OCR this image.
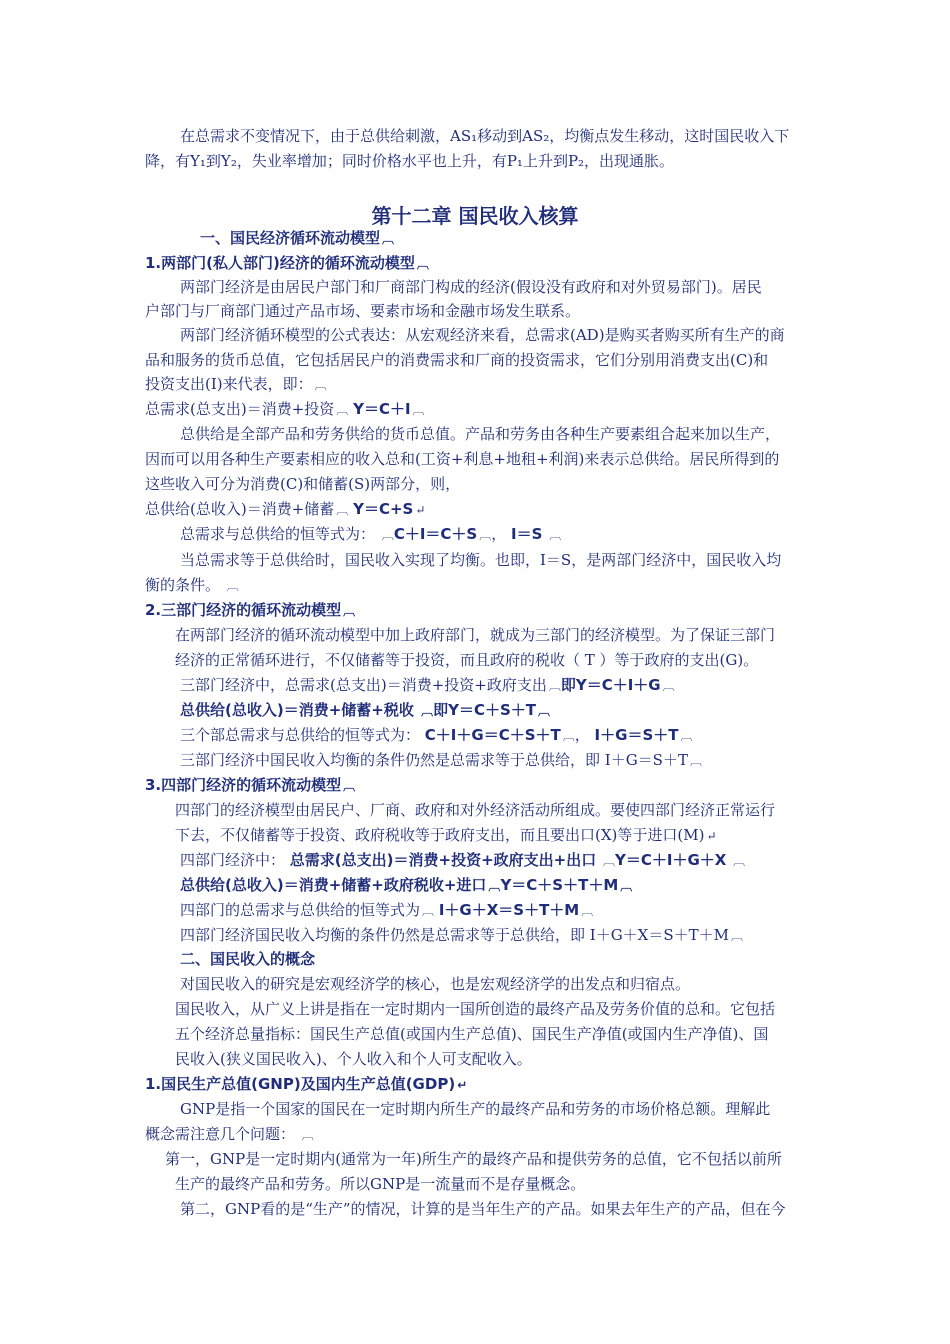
在总需求不变情况下，由于总供给刺激，AS₁移动到AS₂，均衡点发生移动，这时国民收入下
降，有Y₁到Y₂，失业率增加；同时价格水平也上升，有P₁上升到P₂，出现通胀。
第十二章 国民收入核算
一、国民经济循环流动模型 ︹
1.两部门(私人部门)经济的循环流动模型 ︹
两部门经济是由居民户部门和厂商部门构成的经济(假设没有政府和对外贸易部门)。居民
户部门与厂商部门通过产品市场、要素市场和金融市场发生联系。
两部门经济循环模型的公式表达：从宏观经济来看，总需求(AD)是购买者购买所有生产的商
品和服务的货币总值，它包括居民户的消费需求和厂商的投资需求，它们分别用消费支出(C)和
投资支出(I)来代表，即： ︹
总需求(总支出)＝消费+投资 ︹ Y＝C＋I ︹
总供给是全部产品和劳务供给的货币总值。产品和劳务由各种生产要素组合起来加以生产，
因而可以用各种生产要素相应的收入总和(工资+利息+地租+利润)来表示总供给。居民所得到的
这些收入可分为消费(C)和储蓄(S)两部分，则，
总供给(总收入)＝消费+储蓄 ︹ Y＝C+S ↵
总需求与总供给的恒等式为： ︹C＋I＝C＋S ︹， I＝S ︹
当总需求等于总供给时，国民收入实现了均衡。也即，I＝S，是两部门经济中，国民收入均
衡的条件。 ︹
2.三部门经济的循环流动模型 ︹
在两部门经济的循环流动模型中加上政府部门，就成为三部门的经济模型。为了保证三部门
经济的正常循环进行，不仅储蓄等于投资，而且政府的税收（ T ）等于政府的支出(G)。
三部门经济中，总需求(总支出)＝消费+投资+政府支出 ︹即Y＝C＋I＋G ︹
总供给(总收入)＝消费+储蓄+税收 ︹即Y＝C＋S＋T ︹
三个部总需求与总供给的恒等式为： C＋I＋G＝C＋S＋T ︹， I＋G＝S＋T ︹
三部门经济中国民收入均衡的条件仍然是总需求等于总供给，即 I＋G＝S＋T ︹
3.四部门经济的循环流动模型 ︹
四部门的经济模型由居民户、厂商、政府和对外经济活动所组成。要使四部门经济正常运行
下去，不仅储蓄等于投资、政府税收等于政府支出，而且要出口(X)等于进口(M) ↵
四部门经济中： 总需求(总支出)＝消费+投资+政府支出+出口 ︹Y＝C＋I＋G＋X ︹
总供给(总收入)＝消费+储蓄+政府税收+进口 ︹Y＝C＋S＋T＋M ︹
四部门的总需求与总供给的恒等式为 ︹ I＋G＋X＝S＋T＋M ︹
四部门经济国民收入均衡的条件仍然是总需求等于总供给，即 I＋G＋X＝S＋T＋M ︹
二、国民收入的概念
对国民收入的研究是宏观经济学的核心，也是宏观经济学的出发点和归宿点。
国民收入，从广义上讲是指在一定时期内一国所创造的最终产品及劳务价值的总和。它包括
五个经济总量指标：国民生产总值(或国内生产总值)、国民生产净值(或国内生产净值)、国
民收入(狭义国民收入)、个人收入和个人可支配收入。
1.国民生产总值(GNP)及国内生产总值(GDP) ↵
GNP是指一个国家的国民在一定时期内所生产的最终产品和劳务的市场价格总额。理解此
概念需注意几个问题： ︹
第一，GNP是一定时期内(通常为一年)所生产的最终产品和提供劳务的总值，它不包括以前所
生产的最终产品和劳务。所以GNP是一流量而不是存量概念。
第二，GNP看的是“生产”的情况，计算的是当年生产的产品。如果去年生产的产品，但在今
